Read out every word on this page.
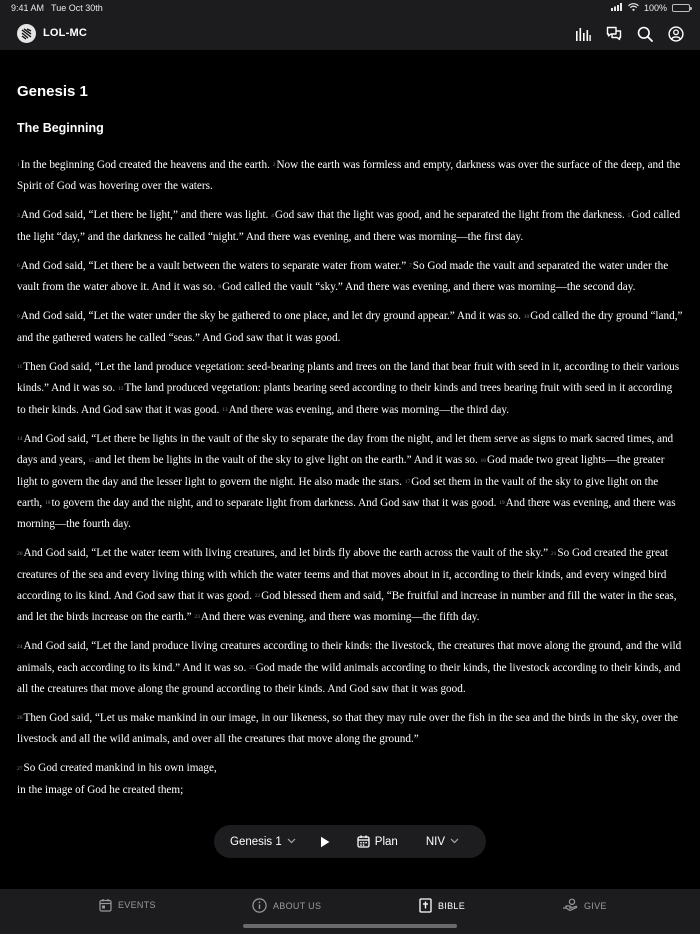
9:41 AM Tue Oct 30th	100%
LOL-MC
Genesis 1
The Beginning

1In the beginning God created the heavens and the earth. 2Now the earth was formless and empty, darkness was over the surface of the deep, and the Spirit of God was hovering over the waters.

3And God said, “Let there be light,” and there was light. 4God saw that the light was good, and he separated the light from the darkness. 5God called the light “day,” and the darkness he called “night.” And there was evening, and there was morning—the first day.

6And God said, “Let there be a vault between the waters to separate water from water.” 7So God made the vault and separated the water under the vault from the water above it. And it was so. 8God called the vault “sky.” And there was evening, and there was morning—the second day.

9And God said, “Let the water under the sky be gathered to one place, and let dry ground appear.” And it was so. 10God called the dry ground “land,” and the gathered waters he called “seas.” And God saw that it was good.

11Then God said, “Let the land produce vegetation: seed-bearing plants and trees on the land that bear fruit with seed in it, according to their various kinds.” And it was so. 12The land produced vegetation: plants bearing seed according to their kinds and trees bearing fruit with seed in it according to their kinds. And God saw that it was good. 13And there was evening, and there was morning—the third day.

14And God said, “Let there be lights in the vault of the sky to separate the day from the night, and let them serve as signs to mark sacred times, and days and years, 15and let them be lights in the vault of the sky to give light on the earth.” And it was so. 16God made two great lights—the greater light to govern the day and the lesser light to govern the night. He also made the stars. 17God set them in the vault of the sky to give light on the earth, 18to govern the day and the night, and to separate light from darkness. And God saw that it was good. 19And there was evening, and there was morning—the fourth day.

20And God said, “Let the water teem with living creatures, and let birds fly above the earth across the vault of the sky.” 21So God created the great creatures of the sea and every living thing with which the water teems and that moves about in it, according to their kinds, and every winged bird according to its kind. And God saw that it was good. 22God blessed them and said, “Be fruitful and increase in number and fill the water in the seas, and let the birds increase on the earth.” 23And there was evening, and there was morning—the fifth day.

24And God said, “Let the land produce living creatures according to their kinds: the livestock, the creatures that move along the ground, and the wild animals, each according to its kind.” And it was so. 25God made the wild animals according to their kinds, the livestock according to their kinds, and all the creatures that move along the ground according to their kinds. And God saw that it was good.

26Then God said, “Let us make mankind in our image, in our likeness, so that they may rule over the fish in the sea and the birds in the sky, over the livestock and all the wild animals, and over all the creatures that move along the ground.”

27So God created mankind in his own image,
in the image of God he created them;

Genesis 1	Plan NIV
EVENTS	ABOUT US	BIBLE	GIVE
